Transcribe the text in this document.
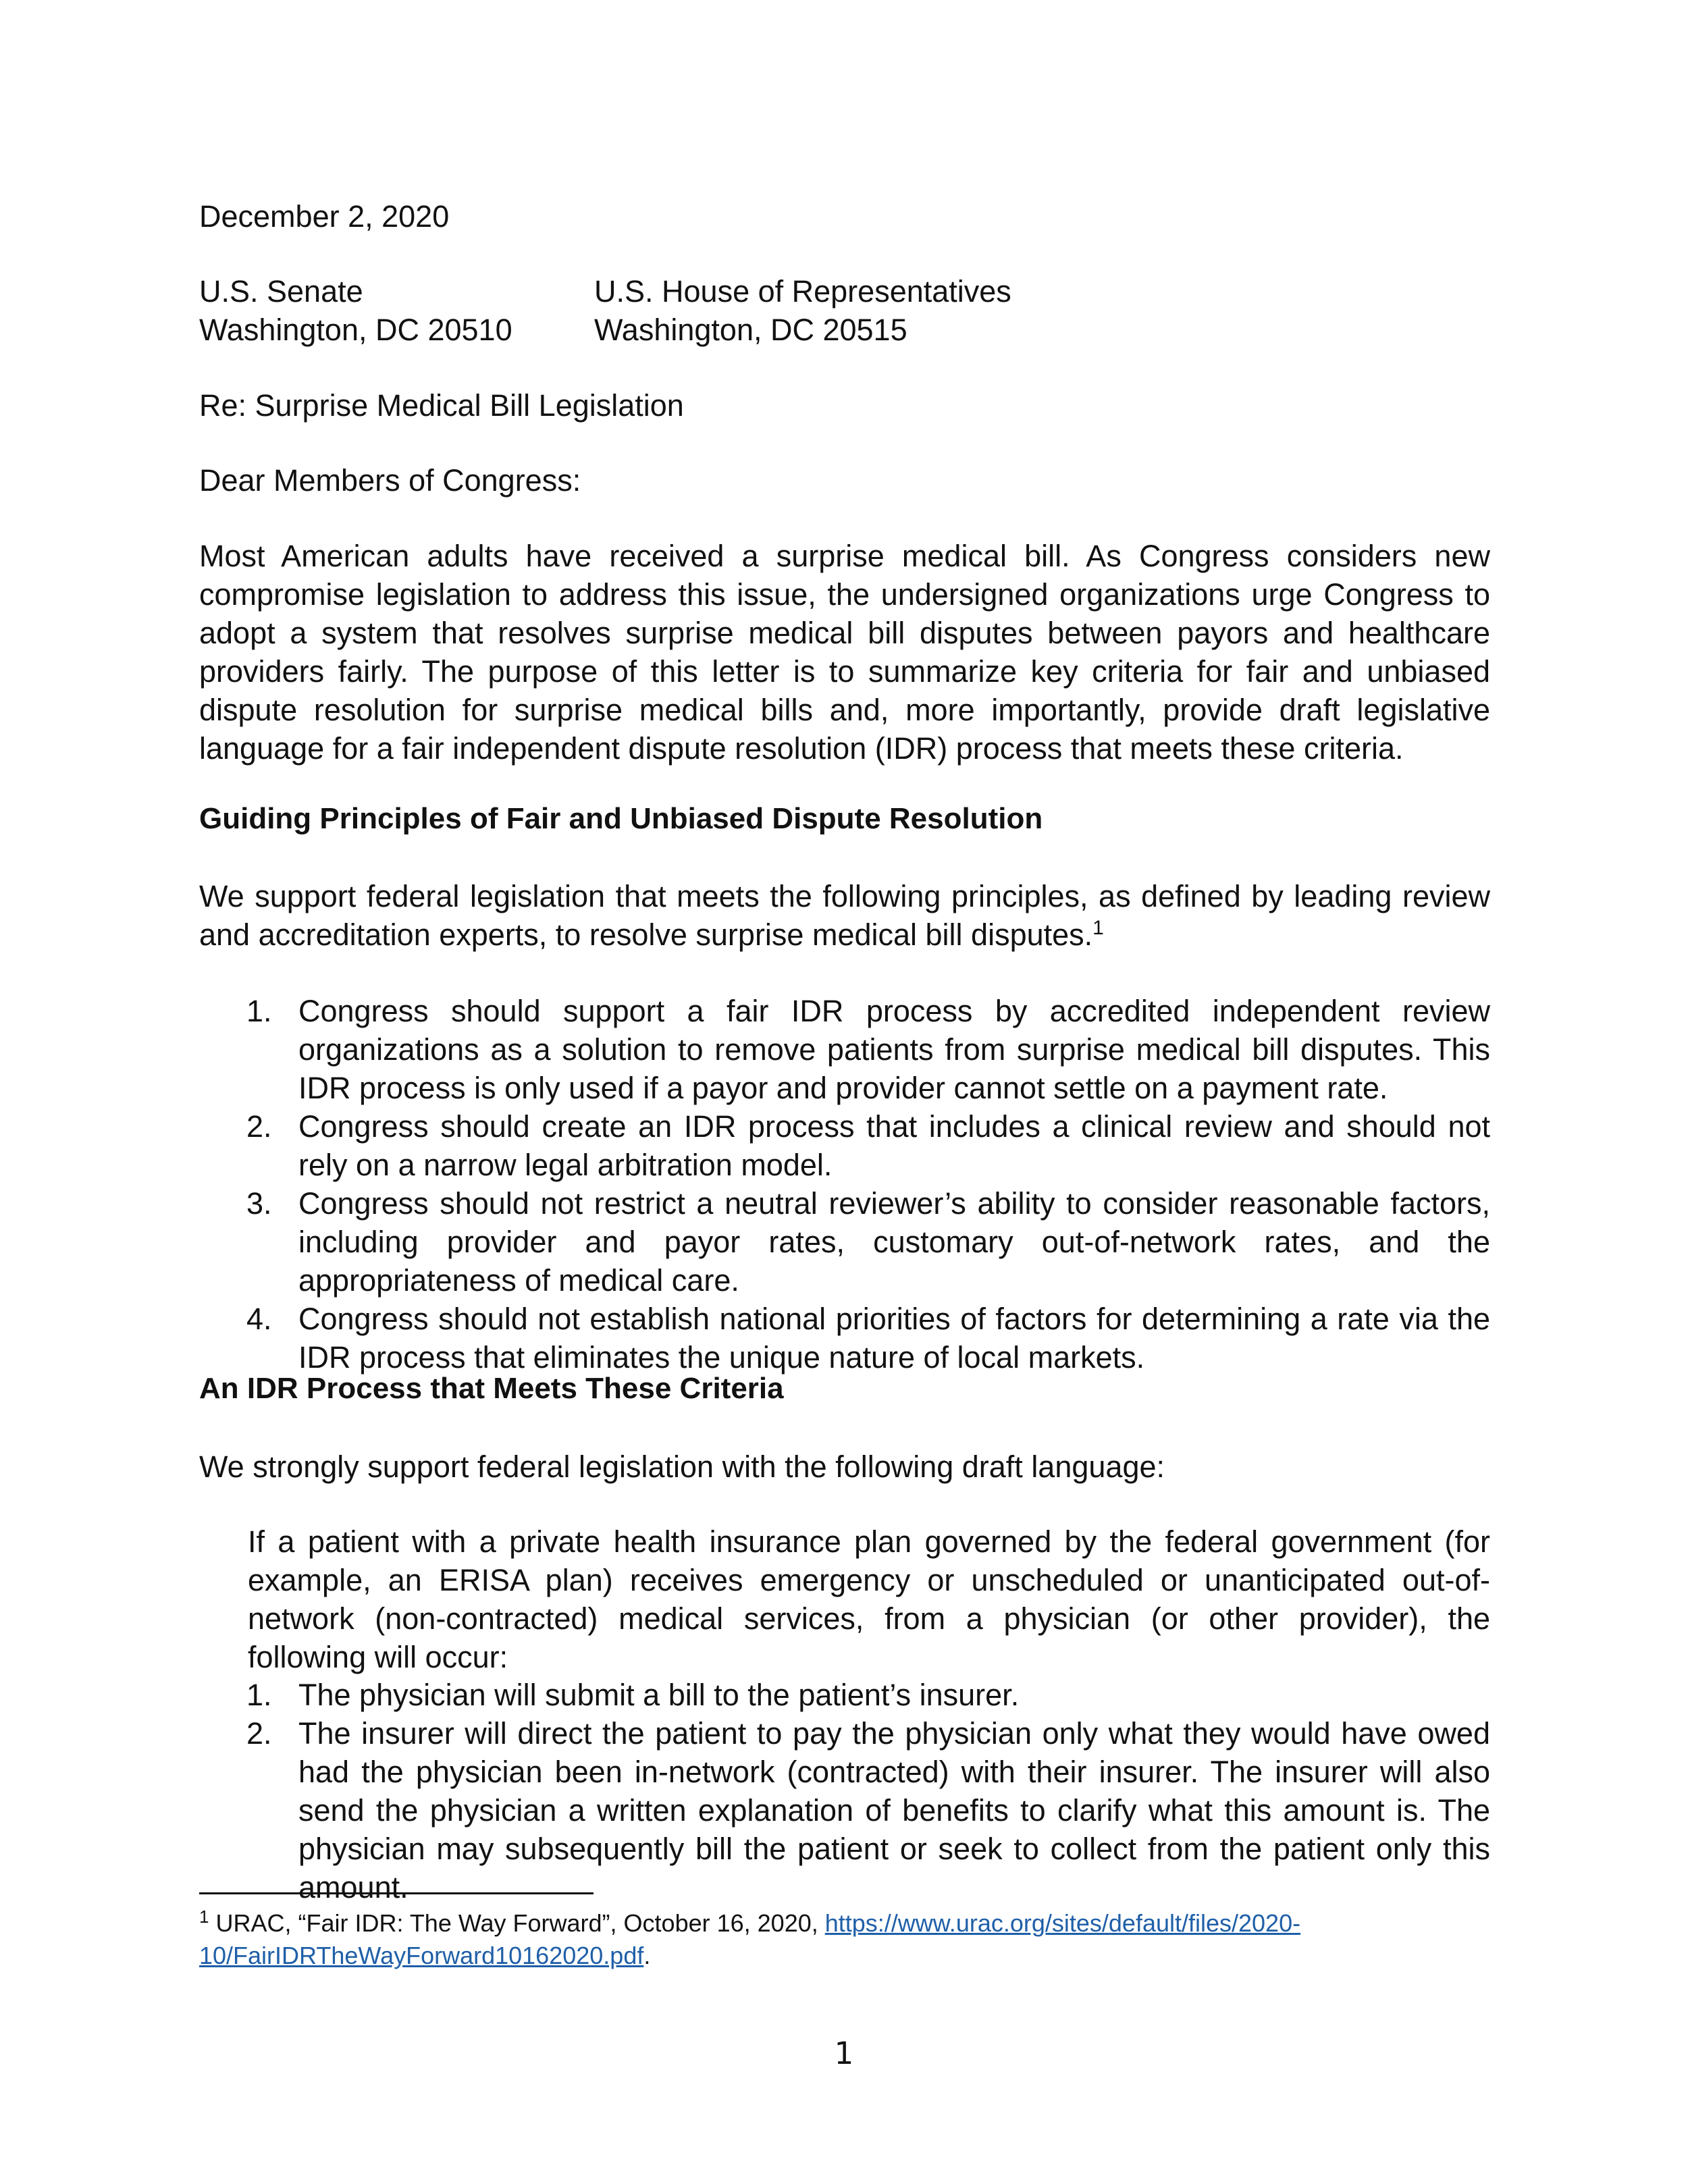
December 2, 2020
U.S. Senate
Washington, DC 20510
U.S. House of Representatives
Washington, DC 20515
Re: Surprise Medical Bill Legislation
Dear Members of Congress:
Most American adults have received a surprise medical bill. As Congress considers new compromise legislation to address this issue, the undersigned organizations urge Congress to adopt a system that resolves surprise medical bill disputes between payors and healthcare providers fairly. The purpose of this letter is to summarize key criteria for fair and unbiased dispute resolution for surprise medical bills and, more importantly, provide draft legislative language for a fair independent dispute resolution (IDR) process that meets these criteria.
Guiding Principles of Fair and Unbiased Dispute Resolution
We support federal legislation that meets the following principles, as defined by leading review and accreditation experts, to resolve surprise medical bill disputes.$^1$
1. Congress should support a fair IDR process by accredited independent review organizations as a solution to remove patients from surprise medical bill disputes. This IDR process is only used if a payor and provider cannot settle on a payment rate.
2. Congress should create an IDR process that includes a clinical review and should not rely on a narrow legal arbitration model.
3. Congress should not restrict a neutral reviewer’s ability to consider reasonable factors, including provider and payor rates, customary out-of-network rates, and the appropriateness of medical care.
4. Congress should not establish national priorities of factors for determining a rate via the IDR process that eliminates the unique nature of local markets.
An IDR Process that Meets These Criteria
We strongly support federal legislation with the following draft language:
If a patient with a private health insurance plan governed by the federal government (for example, an ERISA plan) receives emergency or unscheduled or unanticipated out-of-network (non-contracted) medical services, from a physician (or other provider), the following will occur:
1. The physician will submit a bill to the patient’s insurer.
2. The insurer will direct the patient to pay the physician only what they would have owed had the physician been in-network (contracted) with their insurer. The insurer will also send the physician a written explanation of benefits to clarify what this amount is. The physician may subsequently bill the patient or seek to collect from the patient only this amount.
$^1$ URAC, “Fair IDR: The Way Forward”, October 16, 2020, https://www.urac.org/sites/default/files/2020-10/FairIDRTheWayForward10162020.pdf.
1
